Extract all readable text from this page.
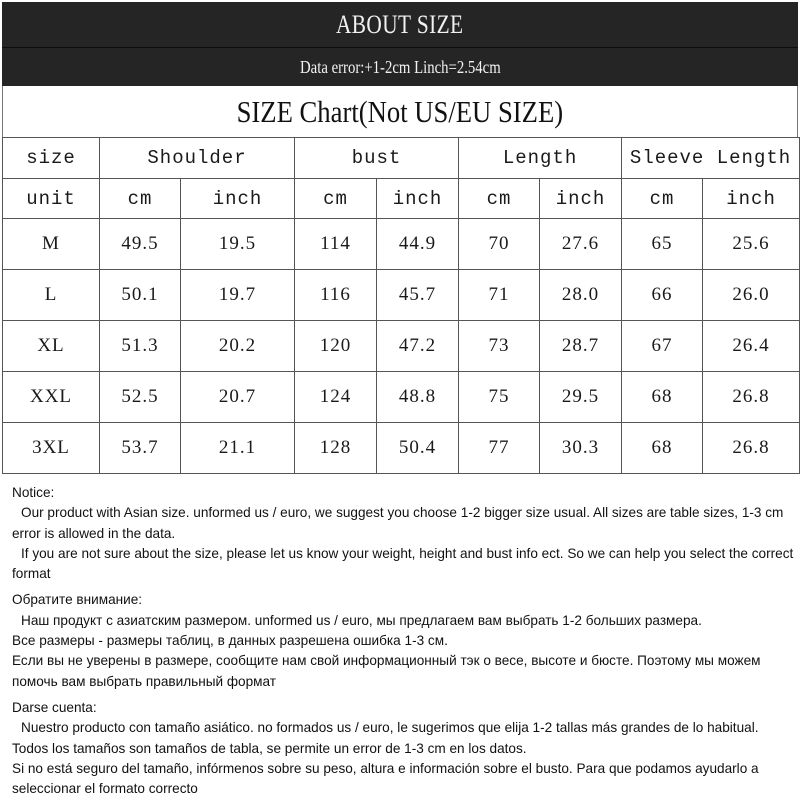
ABOUT SIZE
Data error:+1-2cm Linch=2.54cm
SIZE Chart(Not US/EU SIZE)
size	Shoulder		bust		Length		Sleeve Length	
unit	cm	inch	cm	inch	cm	inch	cm	inch
M	49.5	19.5	114	44.9	70	27.6	65	25.6
L	50.1	19.7	116	45.7	71	28.0	66	26.0
XL	51.3	20.2	120	47.2	73	28.7	67	26.4
XXL	52.5	20.7	124	48.8	75	29.5	68	26.8
3XL	53.7	21.1	128	50.4	77	30.3	68	26.8

Notice:

Our product with Asian size. unformed us / euro, we suggest you choose 1-2 bigger size usual. All sizes are table sizes, 1-3 cm error is allowed in the data.

If you are not sure about the size, please let us know your weight, height and bust info ect. So we can help you select the correct format

Обратите внимание:

Наш продукт с азиатским размером. unformed us / euro, мы предлагаем вам выбрать 1-2 больших размера.

Все размеры - размеры таблиц, в данных разрешена ошибка 1-3 см.

Если вы не уверены в размере, сообщите нам свой информационный тэк о весе, высоте и бюсте. Поэтому мы можем помочь вам выбрать правильный формат

Darse cuenta:

Nuestro producto con tamaño asiático. no formados us / euro, le sugerimos que elija 1-2 tallas más grandes de lo habitual. Todos los tamaños son tamaños de tabla, se permite un error de 1-3 cm en los datos.

Si no está seguro del tamaño, infórmenos sobre su peso, altura e información sobre el busto. Para que podamos ayudarlo a seleccionar el formato correcto
